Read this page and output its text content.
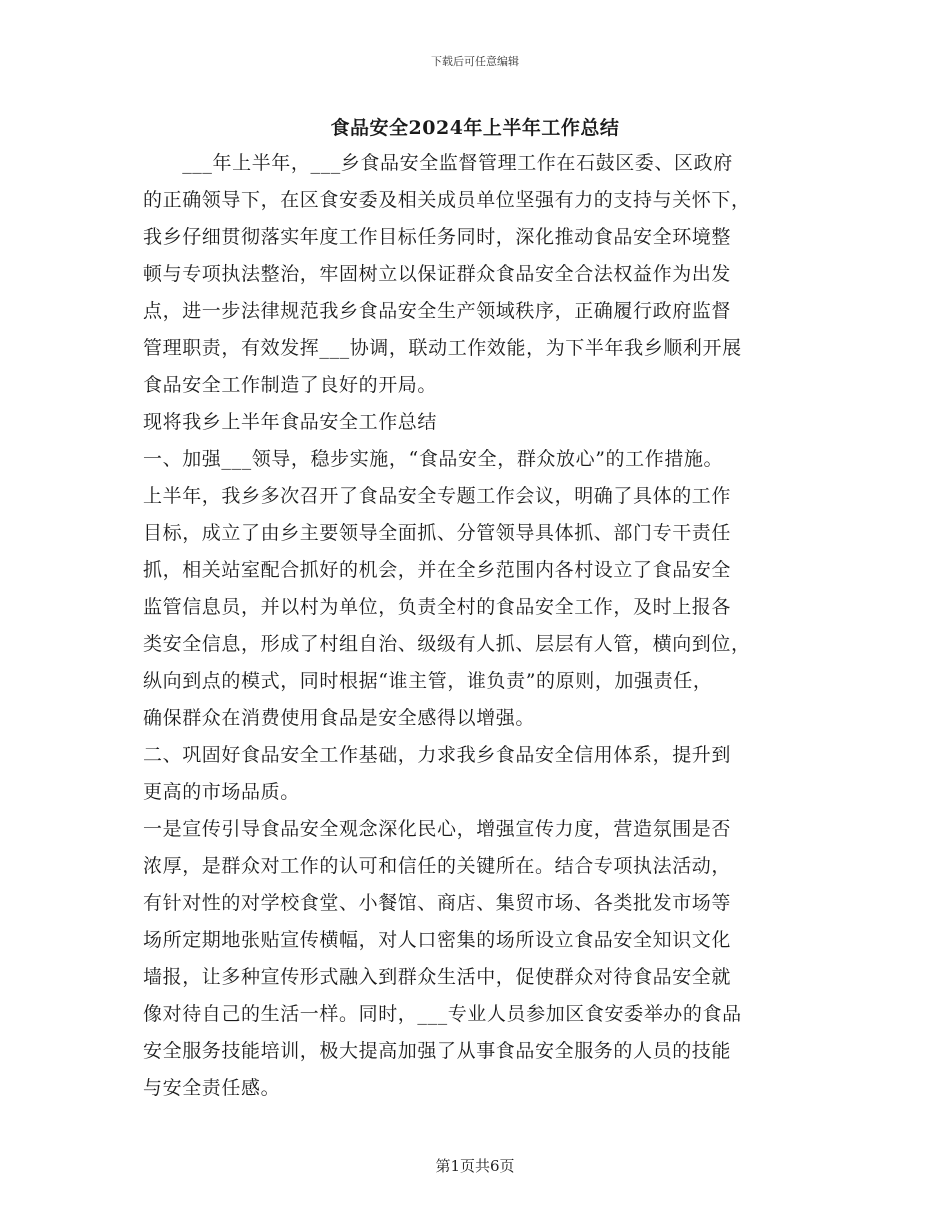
下载后可任意编辑
食品安全2024年上半年工作总结
　　___年上半年，___乡食品安全监督管理工作在石鼓区委、区政府
的正确领导下，在区食安委及相关成员单位坚强有力的支持与关怀下，
我乡仔细贯彻落实年度工作目标任务同时，深化推动食品安全环境整
顿与专项执法整治，牢固树立以保证群众食品安全合法权益作为出发
点，进一步法律规范我乡食品安全生产领域秩序，正确履行政府监督
管理职责，有效发挥___协调，联动工作效能，为下半年我乡顺利开展
食品安全工作制造了良好的开局。
现将我乡上半年食品安全工作总结
一、加强___领导，稳步实施，“食品安全，群众放心”的工作措施。
上半年，我乡多次召开了食品安全专题工作会议，明确了具体的工作
目标，成立了由乡主要领导全面抓、分管领导具体抓、部门专干责任
抓，相关站室配合抓好的机会，并在全乡范围内各村设立了食品安全
监管信息员，并以村为单位，负责全村的食品安全工作，及时上报各
类安全信息，形成了村组自治、级级有人抓、层层有人管，横向到位，
纵向到点的模式，同时根据“谁主管，谁负责”的原则，加强责任，
确保群众在消费使用食品是安全感得以增强。
二、巩固好食品安全工作基础，力求我乡食品安全信用体系，提升到
更高的市场品质。
一是宣传引导食品安全观念深化民心，增强宣传力度，营造氛围是否
浓厚，是群众对工作的认可和信任的关键所在。结合专项执法活动，
有针对性的对学校食堂、小餐馆、商店、集贸市场、各类批发市场等
场所定期地张贴宣传横幅，对人口密集的场所设立食品安全知识文化
墙报，让多种宣传形式融入到群众生活中，促使群众对待食品安全就
像对待自己的生活一样。同时，___专业人员参加区食安委举办的食品
安全服务技能培训，极大提高加强了从事食品安全服务的人员的技能
与安全责任感。
第1页共6页
